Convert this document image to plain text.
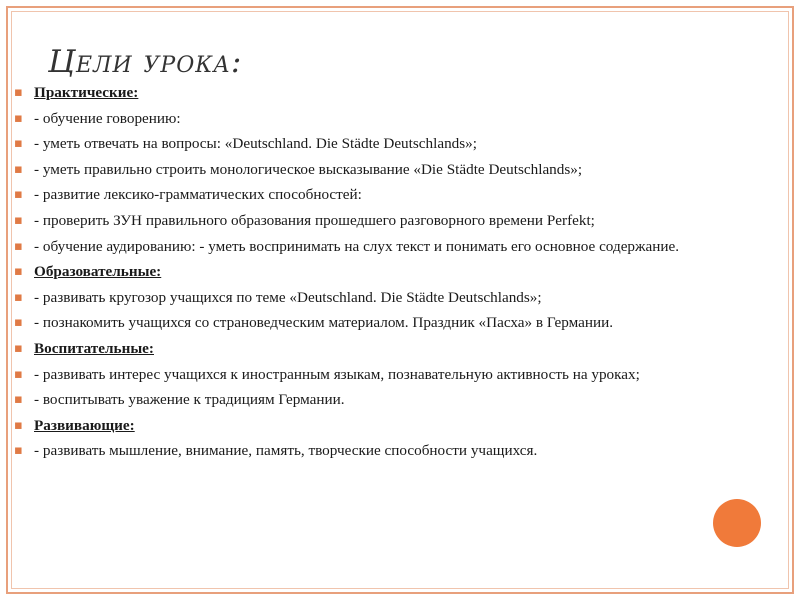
Цели урока:
▪ Практические:
▪ - обучение говорению:
▪ - уметь отвечать на вопросы: «Deutschland. Die Städte Deutschlands»;
▪ - уметь правильно строить монологическое высказывание «Die Städte Deutschlands»;
▪ - развитие лексико-грамматических способностей:
▪ - проверить ЗУН правильного образования прошедшего разговорного времени Perfekt;
▪ - обучение аудированию: - уметь воспринимать на слух текст и понимать его основное содержание.
▪ Образовательные:
▪ - развивать кругозор учащихся по теме «Deutschland. Die Städte Deutschlands»;
▪ - познакомить учащихся со страноведческим материалом. Праздник «Пасха» в Германии.
▪ Воспитательные:
▪ - развивать интерес учащихся к иностранным языкам, познавательную активность на уроках;
▪ - воспитывать уважение к традициям Германии.
▪ Развивающие:
▪ - развивать мышление, внимание, память, творческие способности учащихся.
